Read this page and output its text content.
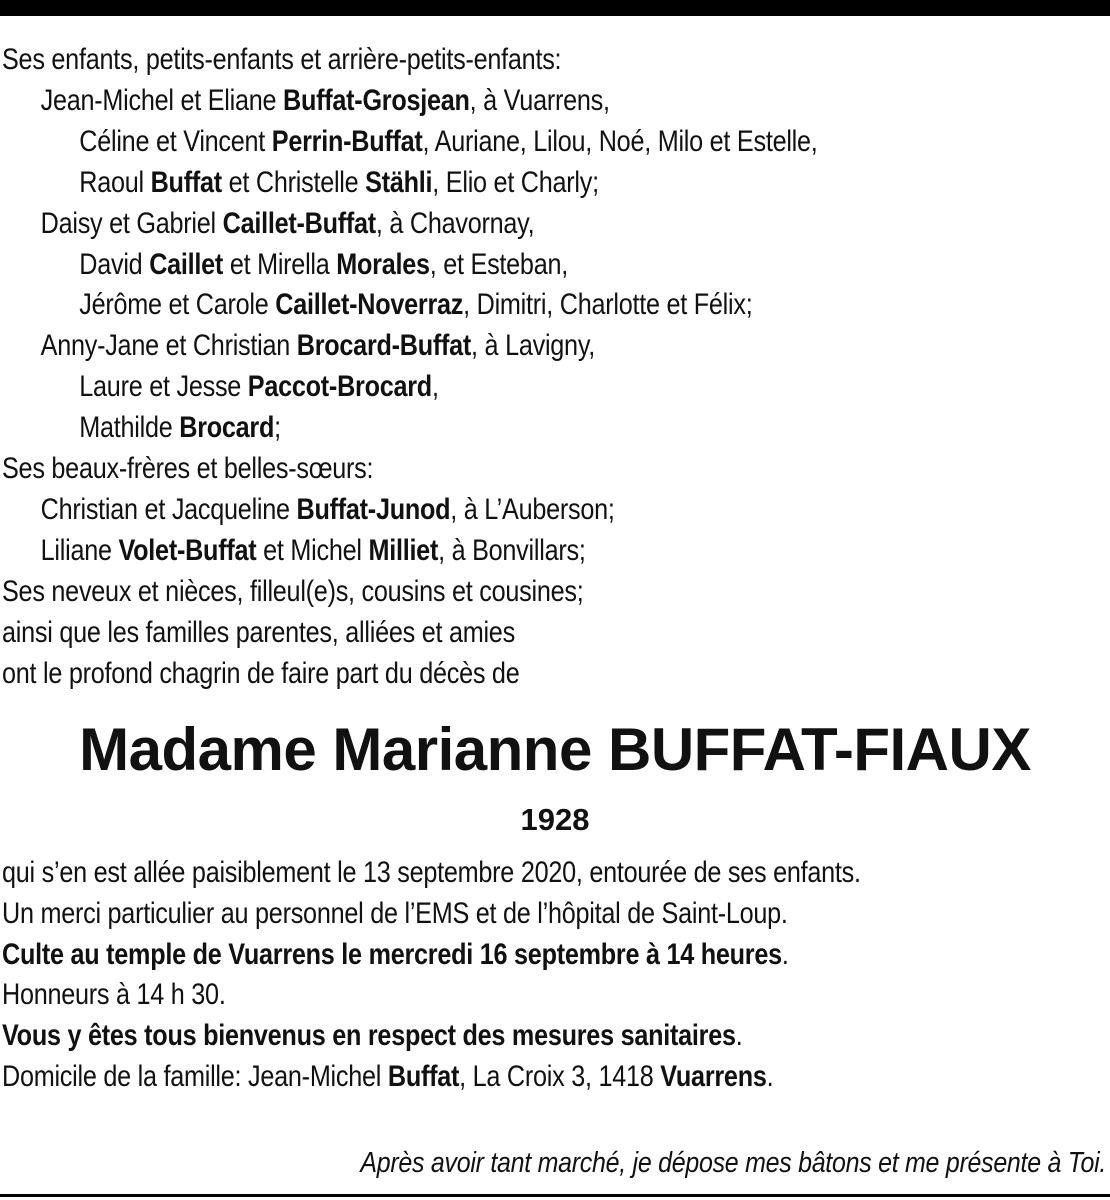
Ses enfants, petits-enfants et arrière-petits-enfants:
Jean-Michel et Eliane Buffat-Grosjean, à Vuarrens,
Céline et Vincent Perrin-Buffat, Auriane, Lilou, Noé, Milo et Estelle,
Raoul Buffat et Christelle Stähli, Elio et Charly;
Daisy et Gabriel Caillet-Buffat, à Chavornay,
David Caillet et Mirella Morales, et Esteban,
Jérôme et Carole Caillet-Noverraz, Dimitri, Charlotte et Félix;
Anny-Jane et Christian Brocard-Buffat, à Lavigny,
Laure et Jesse Paccot-Brocard,
Mathilde Brocard;
Ses beaux-frères et belles-sœurs:
Christian et Jacqueline Buffat-Junod, à L’Auberson;
Liliane Volet-Buffat et Michel Milliet, à Bonvillars;
Ses neveux et nièces, filleul(e)s, cousins et cousines;
ainsi que les familles parentes, alliées et amies
ont le profond chagrin de faire part du décès de
Madame Marianne BUFFAT-FIAUX
1928
qui s’en est allée paisiblement le 13 septembre 2020, entourée de ses enfants.
Un merci particulier au personnel de l’EMS et de l’hôpital de Saint-Loup.
Culte au temple de Vuarrens le mercredi 16 septembre à 14 heures.
Honneurs à 14 h 30.
Vous y êtes tous bienvenus en respect des mesures sanitaires.
Domicile de la famille: Jean-Michel Buffat, La Croix 3, 1418 Vuarrens.
Après avoir tant marché, je dépose mes bâtons et me présente à Toi.
